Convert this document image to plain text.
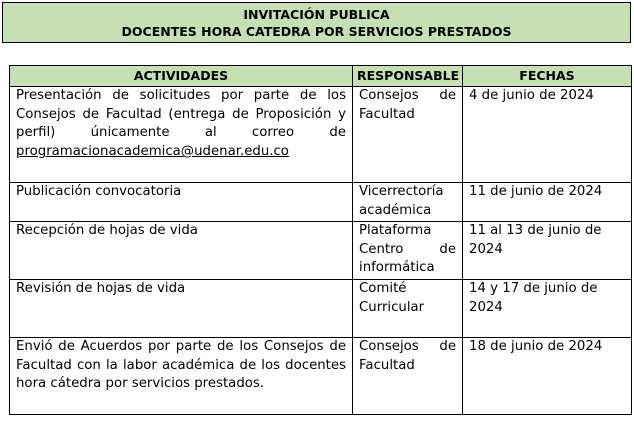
INVITACIÓN PUBLICA
DOCENTES HORA CATEDRA POR SERVICIOS PRESTADOS
ACTIVIDADES	RESPONSABLE	FECHAS
Presentación de solicitudes por parte de los Consejos de Facultad (entrega de Proposición y perfil) únicamente al correo de programacionacademica@udenar.edu.co	Consejos de Facultad	4 de junio de 2024
Publicación convocatoria	Vicerrectoría académica	11 de junio de 2024
Recepción de hojas de vida	Plataforma Centro de informática	11 al 13 de junio de 2024
Revisión de hojas de vida	Comité Curricular	14 y 17 de junio de 2024
Envió de Acuerdos por parte de los Consejos de Facultad con la labor académica de los docentes hora cátedra por servicios prestados.	Consejos de Facultad	18 de junio de 2024
